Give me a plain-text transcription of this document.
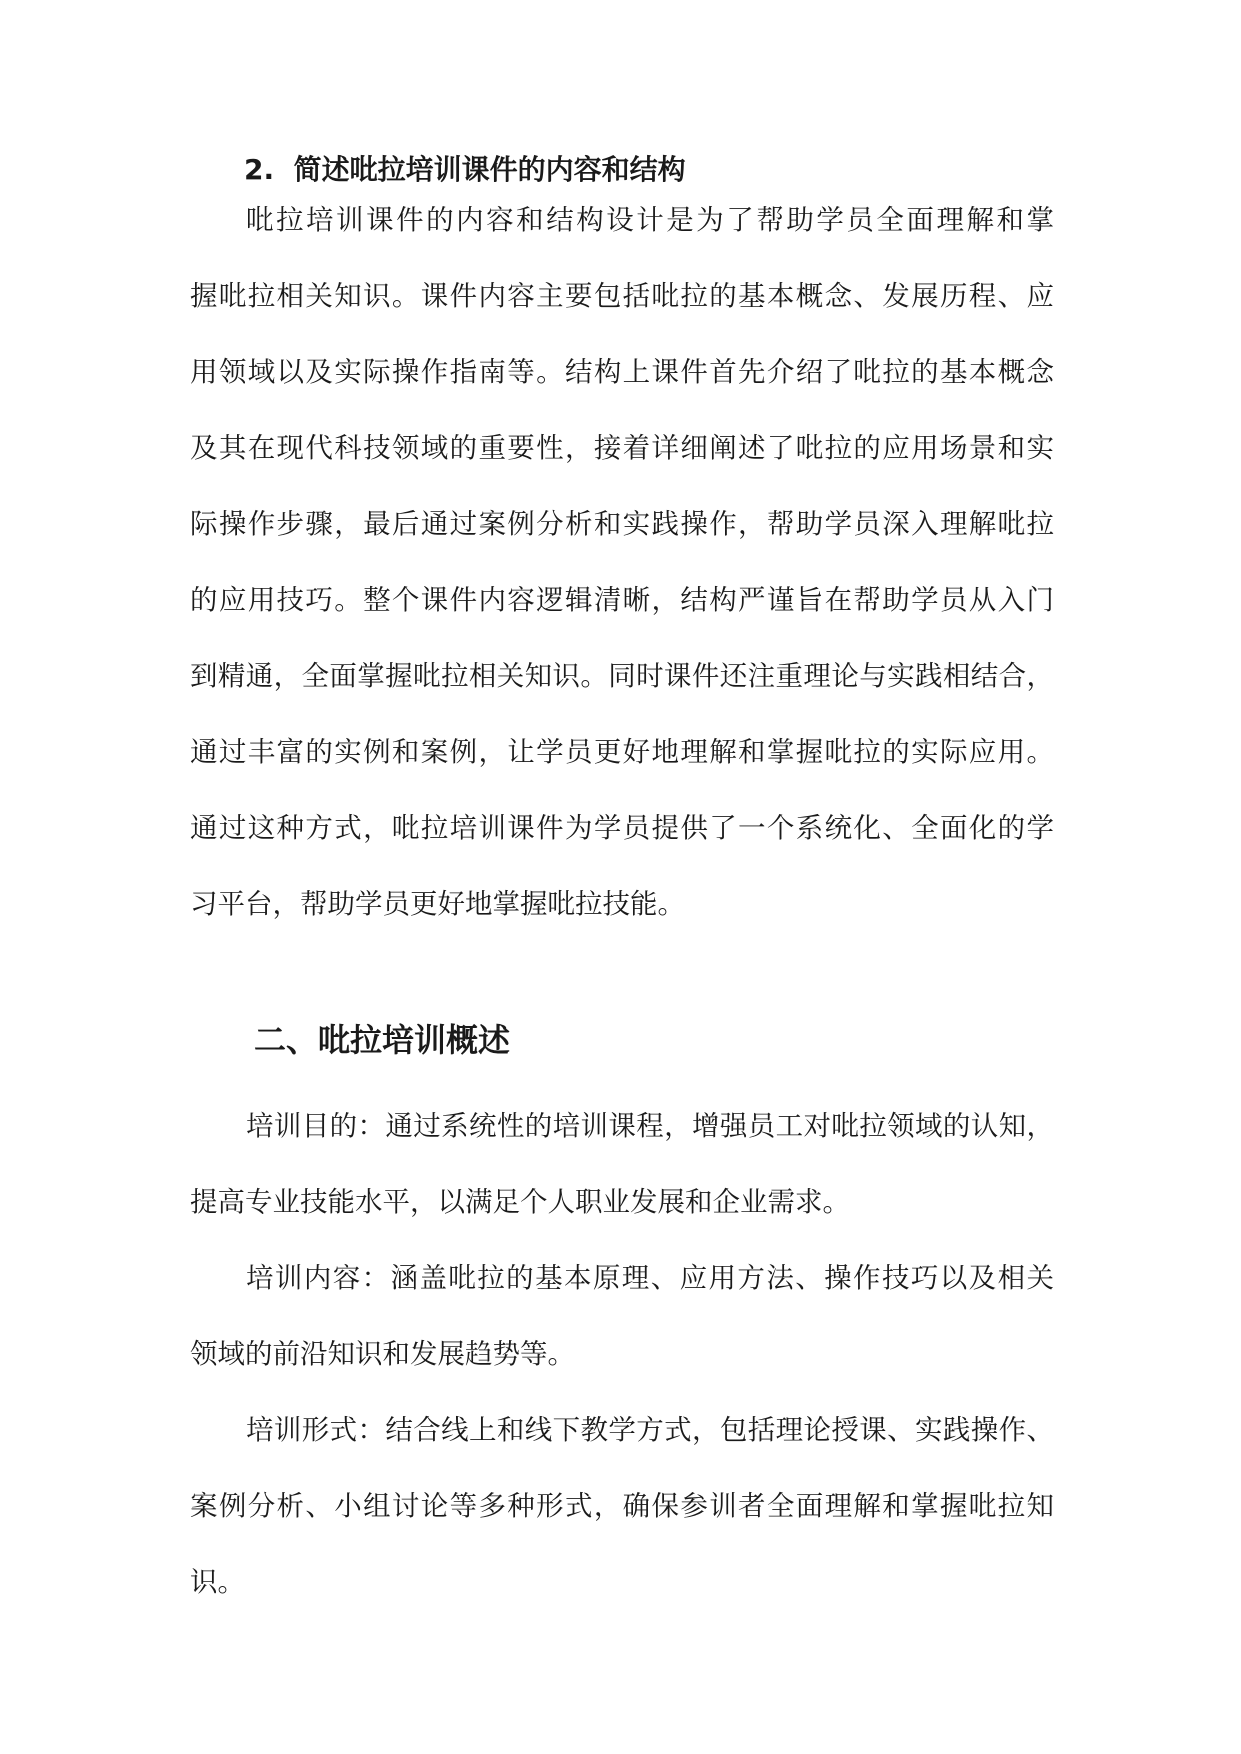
2.  简述吡拉培训课件的内容和结构

吡拉培训课件的内容和结构设计是为了帮助学员全面理解和掌
握吡拉相关知识。课件内容主要包括吡拉的基本概念、发展历程、应
用领域以及实际操作指南等。结构上课件首先介绍了吡拉的基本概念
及其在现代科技领域的重要性，接着详细阐述了吡拉的应用场景和实
际操作步骤，最后通过案例分析和实践操作，帮助学员深入理解吡拉
的应用技巧。整个课件内容逻辑清晰，结构严谨旨在帮助学员从入门
到精通，全面掌握吡拉相关知识。同时课件还注重理论与实践相结合，
通过丰富的实例和案例，让学员更好地理解和掌握吡拉的实际应用。
通过这种方式，吡拉培训课件为学员提供了一个系统化、全面化的学
习平台，帮助学员更好地掌握吡拉技能。

二、吡拉培训概述

培训目的：通过系统性的培训课程，增强员工对吡拉领域的认知，
提高专业技能水平，以满足个人职业发展和企业需求。

培训内容：涵盖吡拉的基本原理、应用方法、操作技巧以及相关
领域的前沿知识和发展趋势等。

培训形式：结合线上和线下教学方式，包括理论授课、实践操作、
案例分析、小组讨论等多种形式，确保参训者全面理解和掌握吡拉知
识。
